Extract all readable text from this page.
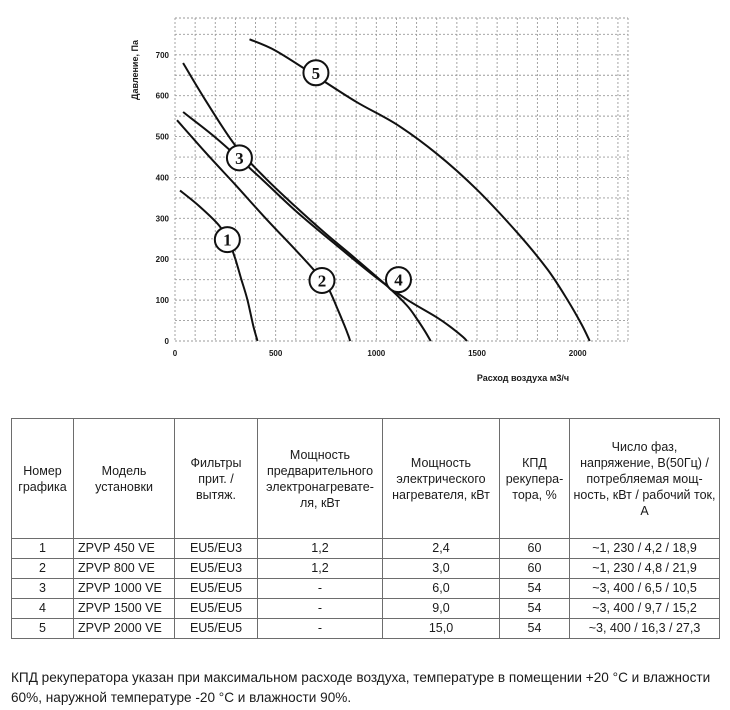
0
100
200
300
400
500
600
700
0	500	1000	1500	2000
1
2
3
4
5
Расход воздуха м3/ч
Давление, Па
Номер графика	Модель установки	Фильтры прит. / вытяж.	Мощность предварительного электронагревате-ля, кВт	Мощность электрического нагревателя, кВт	КПД рекупера-тора, %	Число фаз, напряжение, В(50Гц) / потребляемая мощ-ность, кВт / рабочий ток, А
1	ZPVP 450 VE	EU5/EU3	1,2	2,4	60	~1, 230 / 4,2 / 18,9
2	ZPVP 800 VE	EU5/EU3	1,2	3,0	60	~1, 230 / 4,8 / 21,9
3	ZPVP 1000 VE	EU5/EU5	-	6,0	54	~3, 400 / 6,5 / 10,5
4	ZPVP 1500 VE	EU5/EU5	-	9,0	54	~3, 400 / 9,7 / 15,2
5	ZPVP 2000 VE	EU5/EU5	-	15,0	54	~3, 400 / 16,3 / 27,3
КПД рекуператора указан при максимальном расходе воздуха, температуре в помещении +20 °С и влажности 60%, наружной температуре -20 °С и влажности 90%.
